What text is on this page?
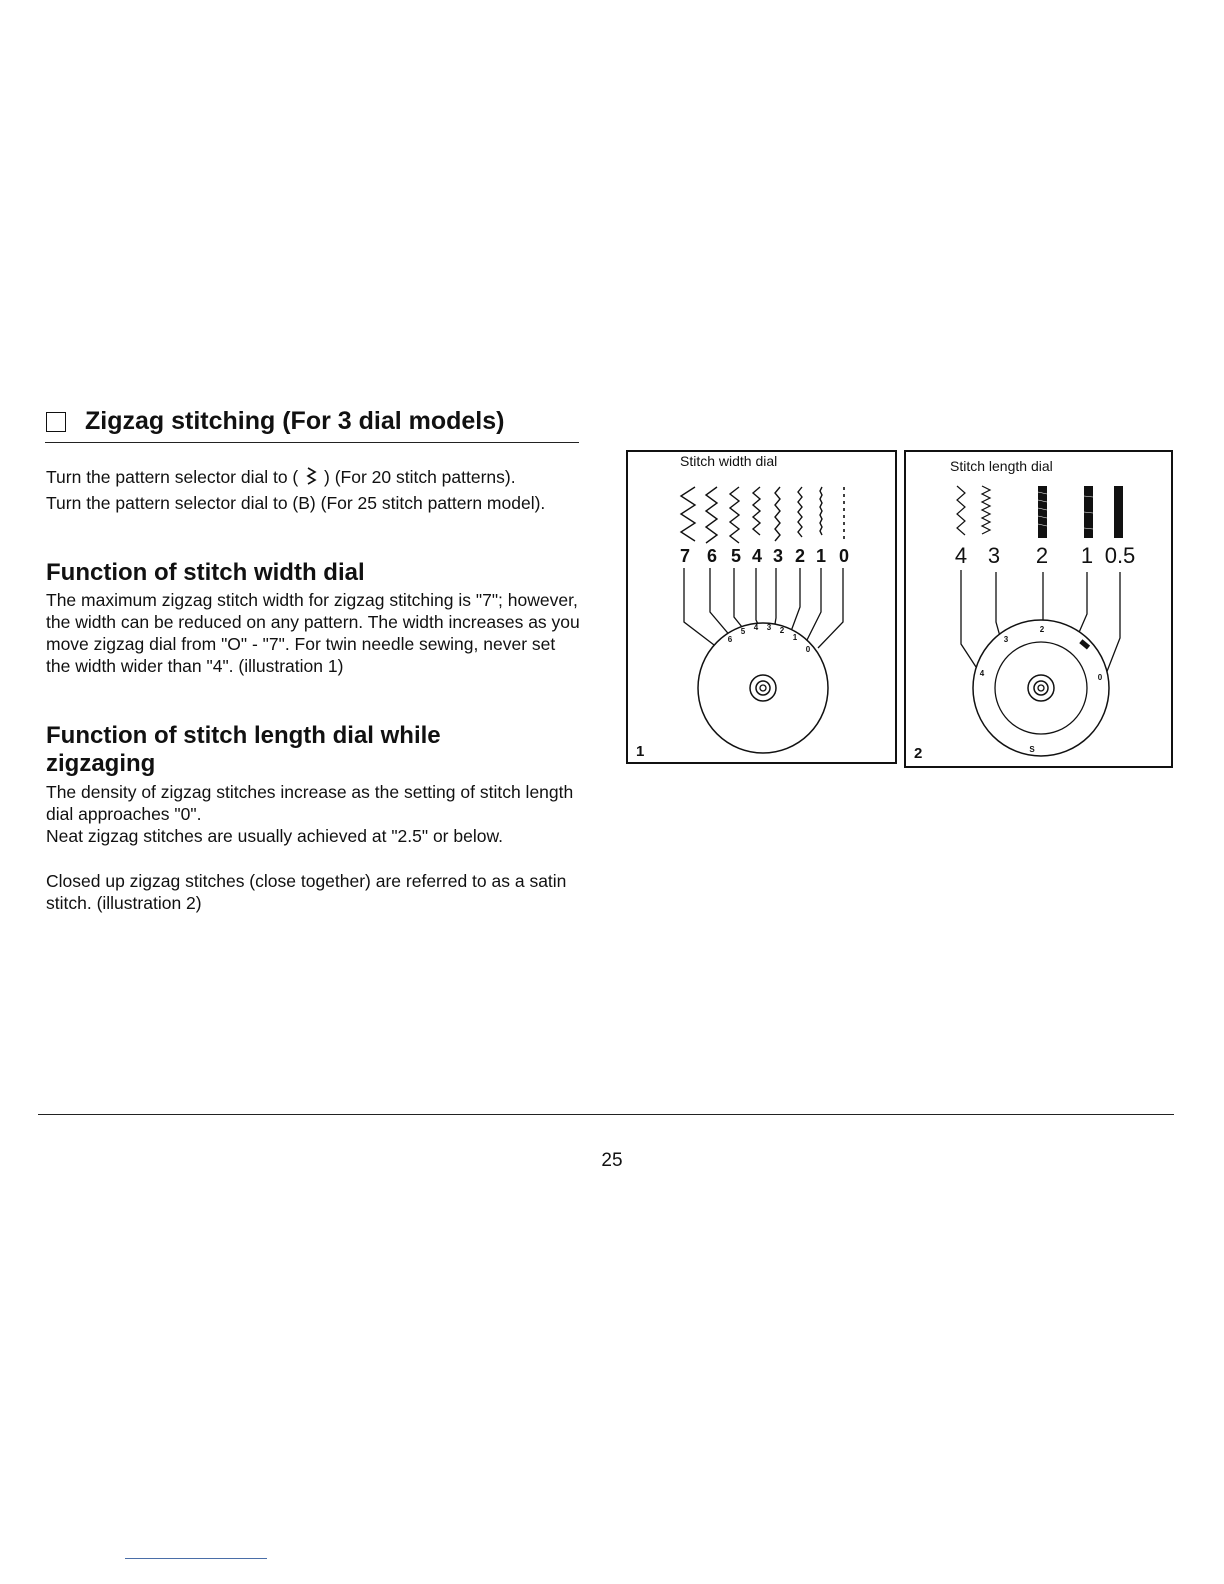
Zigzag stitching (For 3 dial models)
Turn the pattern selector dial to ( ) (For 20 stitch patterns).
Turn the pattern selector dial to (B) (For 25 stitch pattern model).
Function of stitch width dial
The maximum zigzag stitch width for zigzag stitching is "7"; however, the width can be reduced on any pattern. The width increases as you move zigzag dial from "O" - "7". For twin needle sewing, never set the width wider than "4". (illustration 1)
Function of stitch length dial while zigzaging
The density of zigzag stitches increase as the setting of stitch length dial approaches "0".
Neat zigzag stitches are usually achieved at "2.5" or below.
Closed up zigzag stitches (close together) are referred to as a satin stitch. (illustration 2)
Stitch width dial
7 6 5 4 3 2 1 0
6
5 4 3 2
1
0
1
Stitch length dial
4 3 2 1 0.5
4
3
2
0
S
2
25
